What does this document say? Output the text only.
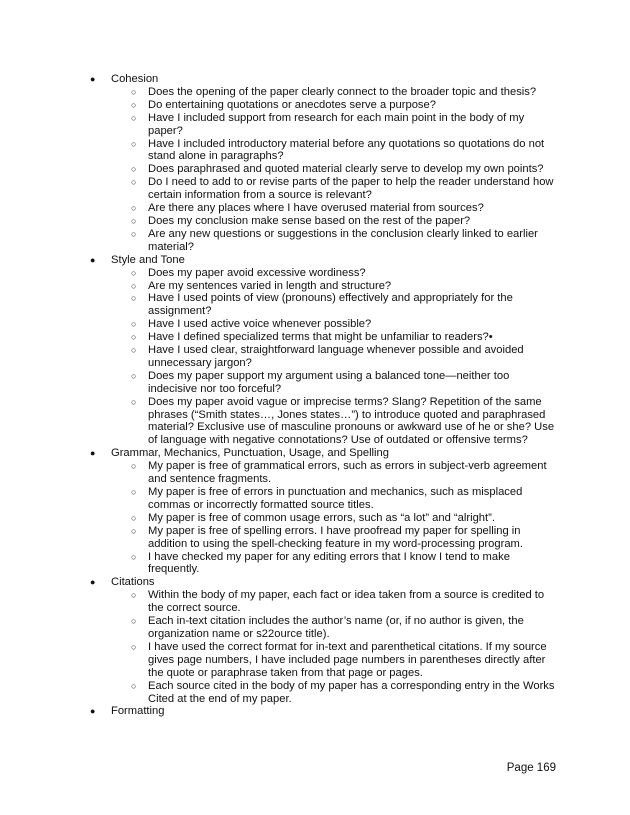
● Cohesion
○ Does the opening of the paper clearly connect to the broader topic and thesis?
○ Do entertaining quotations or anecdotes serve a purpose?
○ Have I included support from research for each main point in the body of my paper?
○ Have I included introductory material before any quotations so quotations do not stand alone in paragraphs?
○ Does paraphrased and quoted material clearly serve to develop my own points?
○ Do I need to add to or revise parts of the paper to help the reader understand how certain information from a source is relevant?
○ Are there any places where I have overused material from sources?
○ Does my conclusion make sense based on the rest of the paper?
○ Are any new questions or suggestions in the conclusion clearly linked to earlier material?
● Style and Tone
○ Does my paper avoid excessive wordiness?
○ Are my sentences varied in length and structure?
○ Have I used points of view (pronouns) effectively and appropriately for the assignment?
○ Have I used active voice whenever possible?
○ Have I defined specialized terms that might be unfamiliar to readers?•
○ Have I used clear, straightforward language whenever possible and avoided unnecessary jargon?
○ Does my paper support my argument using a balanced tone—neither too indecisive nor too forceful?
○ Does my paper avoid vague or imprecise terms? Slang? Repetition of the same phrases (“Smith states…, Jones states…”) to introduce quoted and paraphrased material? Exclusive use of masculine pronouns or awkward use of he or she? Use of language with negative connotations? Use of outdated or offensive terms?
● Grammar, Mechanics, Punctuation, Usage, and Spelling
○ My paper is free of grammatical errors, such as errors in subject-verb agreement and sentence fragments.
○ My paper is free of errors in punctuation and mechanics, such as misplaced commas or incorrectly formatted source titles.
○ My paper is free of common usage errors, such as “a lot” and “alright”.
○ My paper is free of spelling errors. I have proofread my paper for spelling in addition to using the spell-checking feature in my word-processing program.
○ I have checked my paper for any editing errors that I know I tend to make frequently.
● Citations
○ Within the body of my paper, each fact or idea taken from a source is credited to the correct source.
○ Each in-text citation includes the author’s name (or, if no author is given, the organization name or s22ource title).
○ I have used the correct format for in-text and parenthetical citations. If my source gives page numbers, I have included page numbers in parentheses directly after the quote or paraphrase taken from that page or pages.
○ Each source cited in the body of my paper has a corresponding entry in the Works Cited at the end of my paper.
● Formatting
Page 169
